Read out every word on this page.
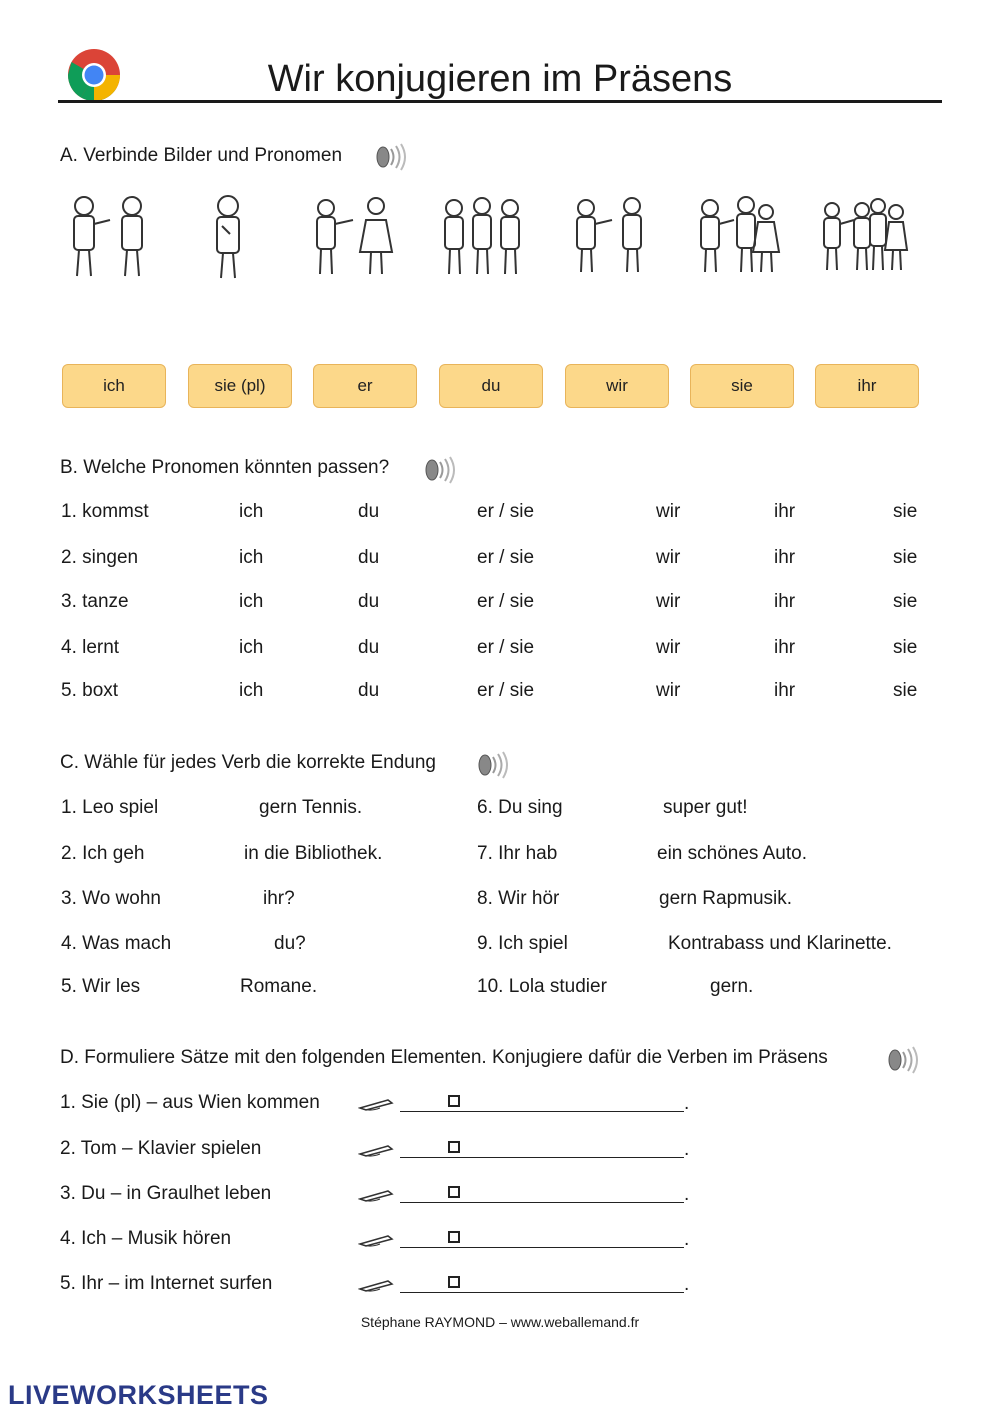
Wir konjugieren im Präsens
A. Verbinde Bilder und Pronomen
ich	sie (pl)	er	du	wir	sie	ihr
B. Welche Pronomen könnten passen?
1. kommst	ich	du	er / sie	wir	ihr	sie
2. singen	ich	du	er / sie	wir	ihr	sie
3. tanze	ich	du	er / sie	wir	ihr	sie
4. lernt	ich	du	er / sie	wir	ihr	sie
5. boxt	ich	du	er / sie	wir	ihr	sie
C. Wähle für jedes Verb die korrekte Endung
1. Leo spiel	gern Tennis.
2. Ich geh	in die Bibliothek.
3. Wo wohn	ihr?
4. Was mach	du?
5. Wir les	Romane.
6. Du sing	super gut!
7. Ihr hab	ein schönes Auto.
8. Wir hör	gern Rapmusik.
9. Ich spiel	Kontrabass und Klarinette.
10. Lola studier	gern.
D. Formuliere Sätze mit den folgenden Elementen. Konjugiere dafür die Verben im Präsens
1. Sie (pl) – aus Wien kommen	.
2. Tom – Klavier spielen	.
3. Du – in Graulhet leben	.
4. Ich – Musik hören	.
5. Ihr – im Internet surfen	.
Stéphane RAYMOND – www.weballemand.fr
LIVEWORKSHEETS
